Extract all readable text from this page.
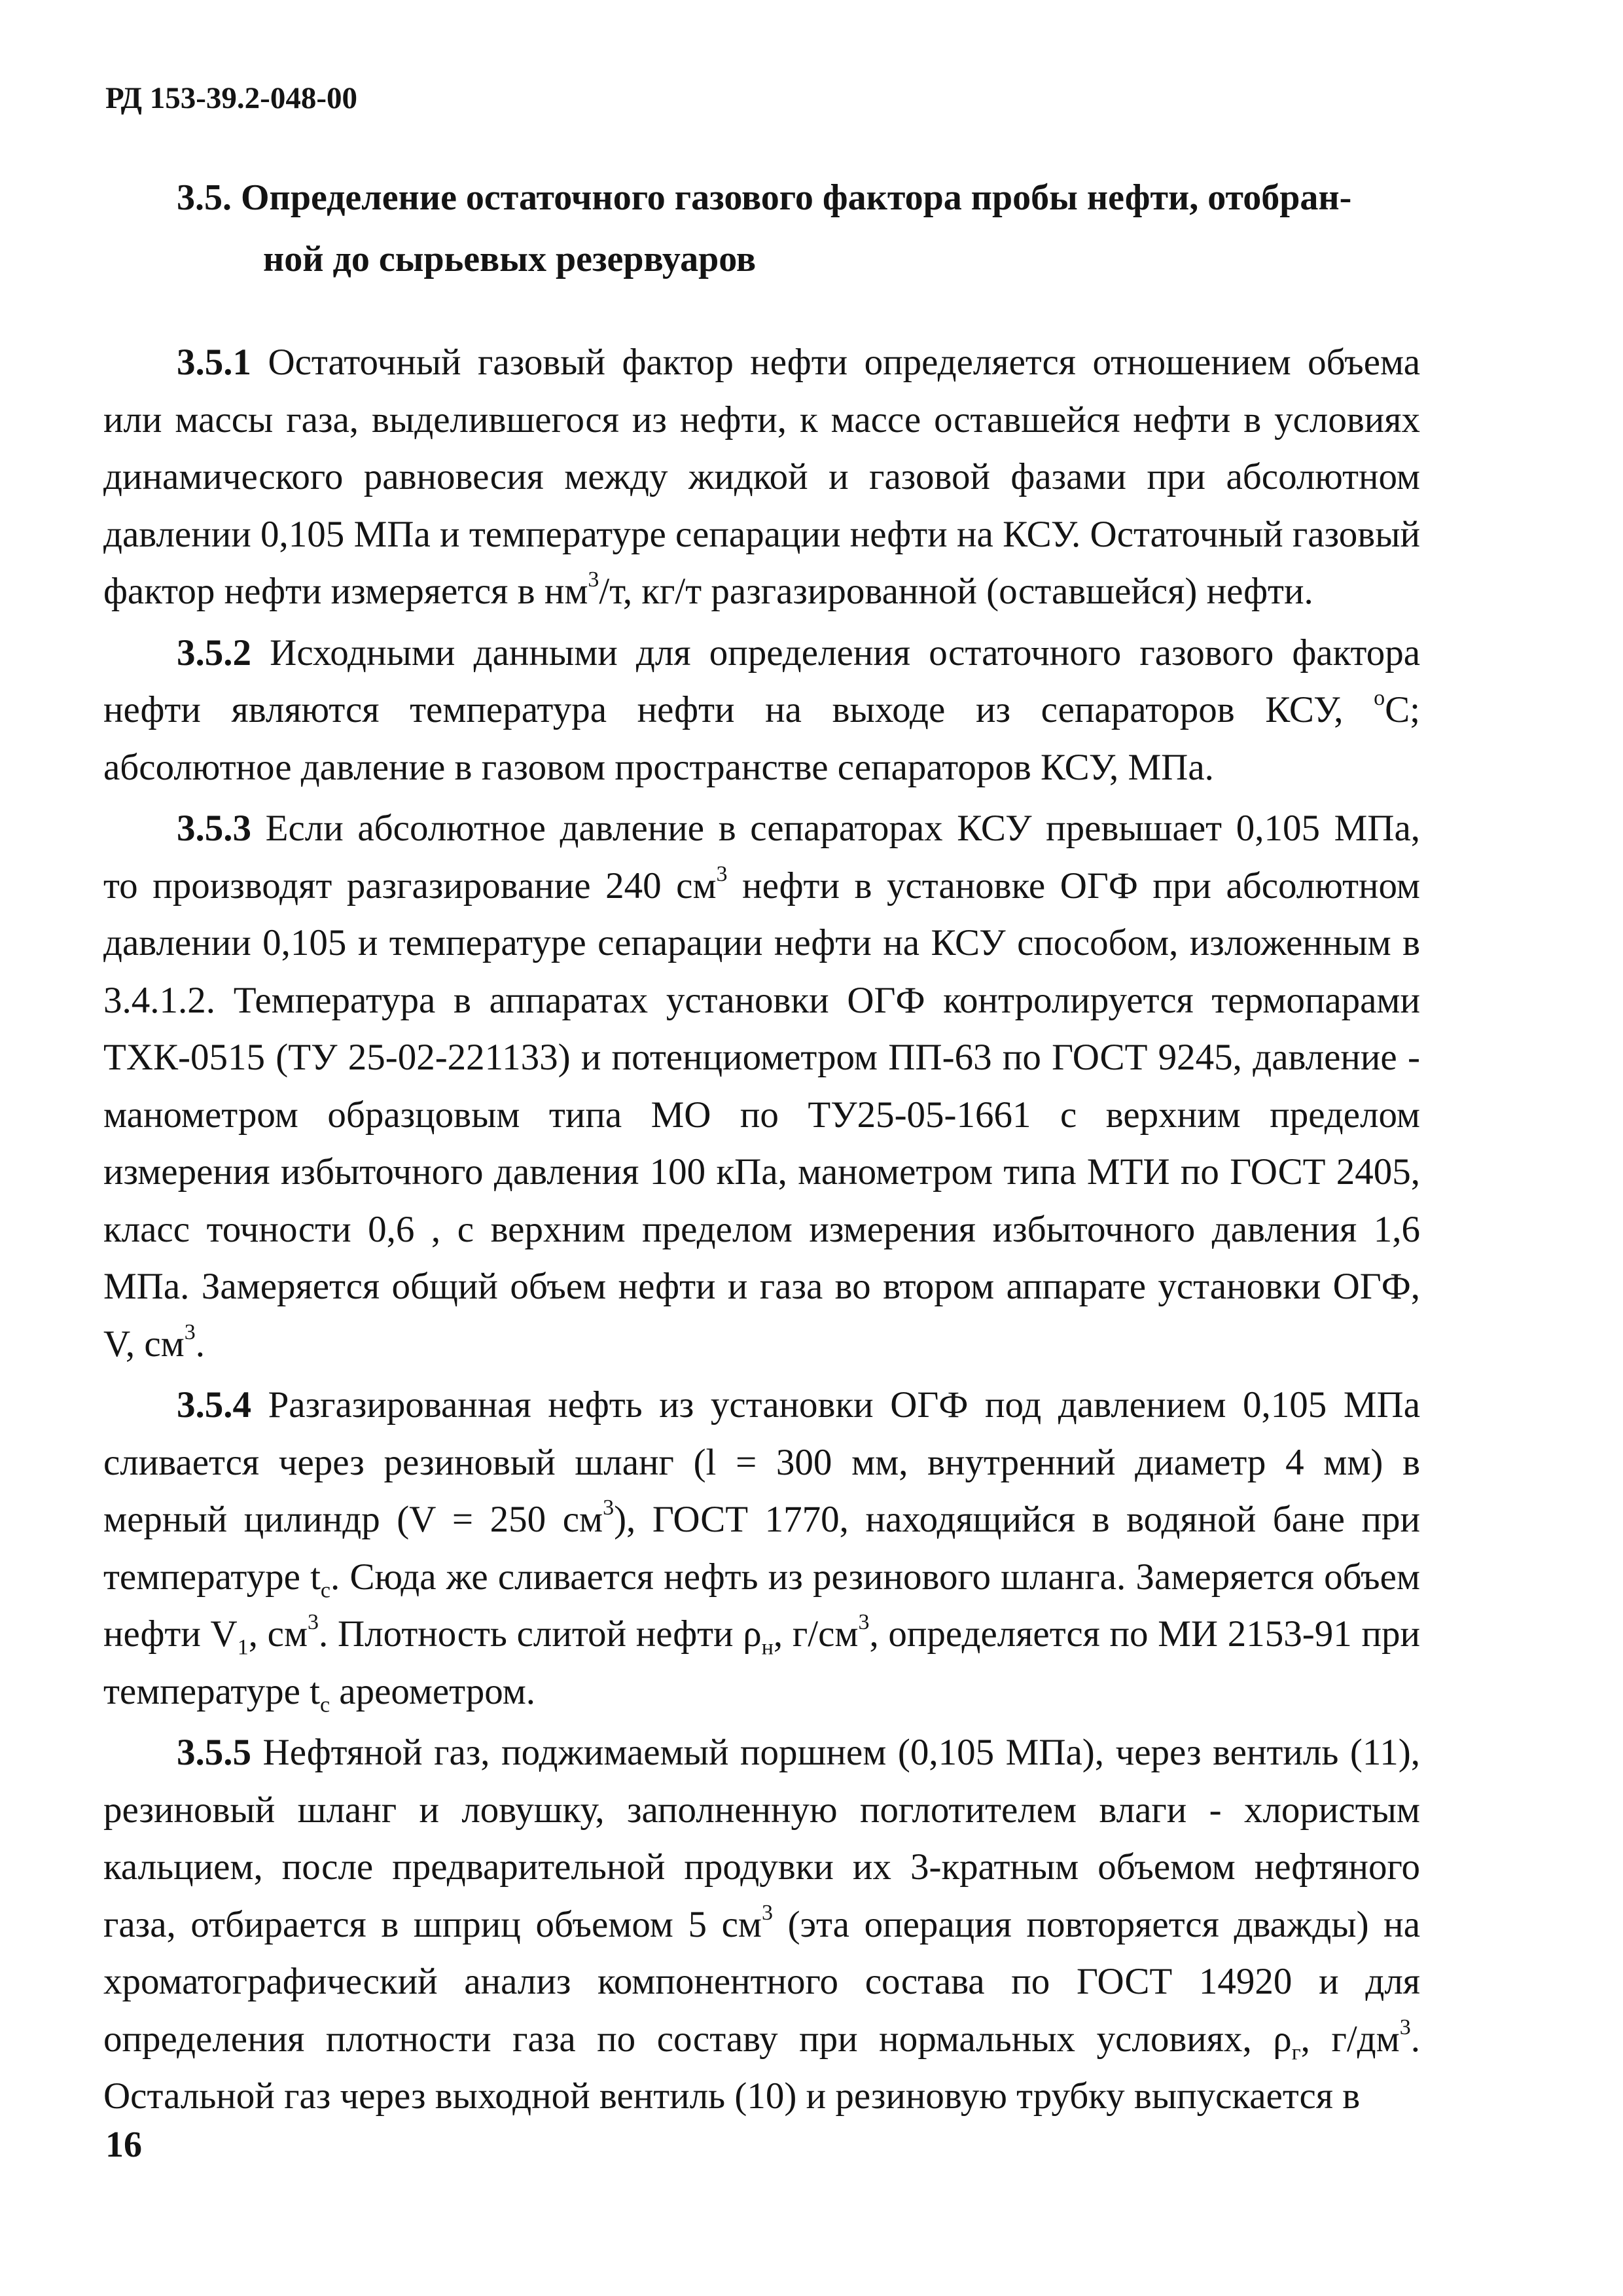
РД 153-39.2-048-00
3.5. Определение остаточного газового фактора пробы нефти, отобран-
ной до сырьевых резервуаров

3.5.1 Остаточный газовый фактор нефти определяется отношением объема или массы газа, выделившегося из нефти, к массе оставшейся нефти в условиях динамического равновесия между жидкой и газовой фазами при абсолютном давлении 0,105 МПа и температуре сепарации нефти на КСУ. Остаточный газовый фактор нефти измеряется в $нм^3/т$, кг/т разгазированной (оставшейся) нефти.

3.5.2 Исходными данными для определения остаточного газового фактора нефти являются температура нефти на выходе из сепараторов КСУ, $^o$С; абсолютное давление в газовом пространстве сепараторов КСУ, МПа.

3.5.3 Если абсолютное давление в сепараторах КСУ превышает 0,105 МПа, то производят разгазирование 240 $см^3$ нефти в установке ОГФ при абсолютном давлении 0,105 и температуре сепарации нефти на КСУ способом, изложенным в 3.4.1.2. Температура в аппаратах установки ОГФ контролируется термопарами ТХК-0515 (ТУ 25-02-221133) и потенциометром ПП-63 по ГОСТ 9245, давление - манометром образцовым типа МО по ТУ25-05-1661 с верхним пределом измерения избыточного давления 100 кПа, манометром типа МТИ по ГОСТ 2405, класс точности 0,6 , с верхним пределом измерения избыточного давления 1,6 МПа. Замеряется общий объем нефти и газа во втором аппарате установки ОГФ, V, $см^3$.

3.5.4 Разгазированная нефть из установки ОГФ под давлением 0,105 МПа сливается через резиновый шланг (l = 300 мм, внутренний диаметр 4 мм) в мерный цилиндр (V = 250 $см^3$), ГОСТ 1770, находящийся в водяной бане при температуре $t_c$. Сюда же сливается нефть из резинового шланга. Замеряется объем нефти $V_1$, $см^3$. Плотность слитой нефти $\rho_н$, $г/см^3$, определяется по МИ 2153-91 при температуре $t_c$ ареометром.

3.5.5 Нефтяной газ, поджимаемый поршнем (0,105 МПа), через вентиль (11), резиновый шланг и ловушку, заполненную поглотителем влаги - хлористым кальцием, после предварительной продувки их 3-кратным объемом нефтяного газа, отбирается в шприц объемом 5 $см^3$ (эта операция повторяется дважды) на хроматографический анализ компонентного состава по ГОСТ 14920 и для определения плотности газа по составу при нормальных условиях, $\rho_г$, $г/дм^3$. Остальной газ через выходной вентиль (10) и резиновую трубку выпускается в

16
